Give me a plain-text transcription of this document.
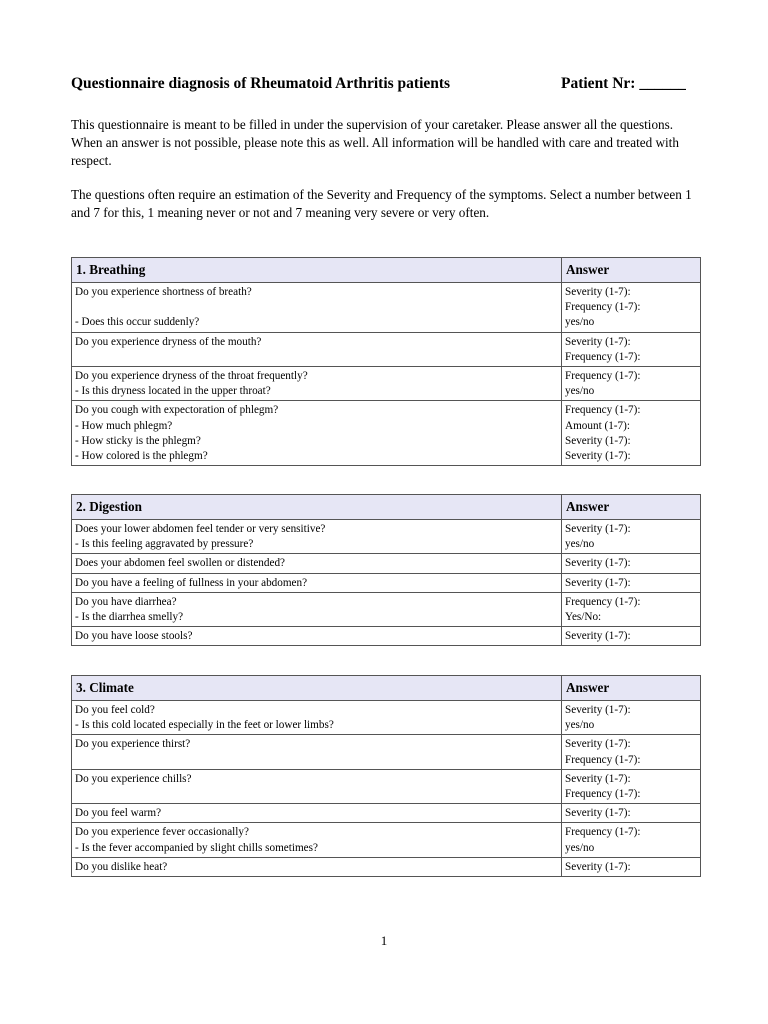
Questionnaire diagnosis of Rheumatoid Arthritis patients	Patient Nr: ______
This questionnaire is meant to be filled in under the supervision of your caretaker. Please answer all the questions. When an answer is not possible, please note this as well. All information will be handled with care and treated with respect.
The questions often require an estimation of the Severity and Frequency of the symptoms. Select a number between 1 and 7 for this, 1 meaning never or not and 7 meaning very severe or very often.
1. Breathing	Answer

Do you experience shortness of breath?
- Does this occur suddenly?	Severity (1-7):
Frequency (1-7):
yes/no

Do you experience dryness of the mouth?	Severity (1-7):
Frequency (1-7):

Do you experience dryness of the throat frequently?
- Is this dryness located in the upper throat?	Frequency (1-7):
yes/no

Do you cough with expectoration of phlegm?
- How much phlegm?
- How sticky is the phlegm?
- How colored is the phlegm?	Frequency (1-7):
Amount (1-7):
Severity (1-7):
Severity (1-7):
2. Digestion	Answer

Does your lower abdomen feel tender or very sensitive?
- Is this feeling aggravated by pressure?	Severity (1-7):
yes/no

Does your abdomen feel swollen or distended?	Severity (1-7):

Do you have a feeling of fullness in your abdomen?	Severity (1-7):

Do you have diarrhea?
- Is the diarrhea smelly?	Frequency (1-7):
Yes/No:

Do you have loose stools?	Severity (1-7):
3. Climate	Answer

Do you feel cold?
- Is this cold located especially in the feet or lower limbs?	Severity (1-7):
yes/no

Do you experience thirst?	Severity (1-7):
Frequency (1-7):

Do you experience chills?	Severity (1-7):
Frequency (1-7):

Do you feel warm?	Severity (1-7):

Do you experience fever occasionally?
- Is the fever accompanied by slight chills sometimes?	Frequency (1-7):
yes/no

Do you dislike heat?	Severity (1-7):
1
